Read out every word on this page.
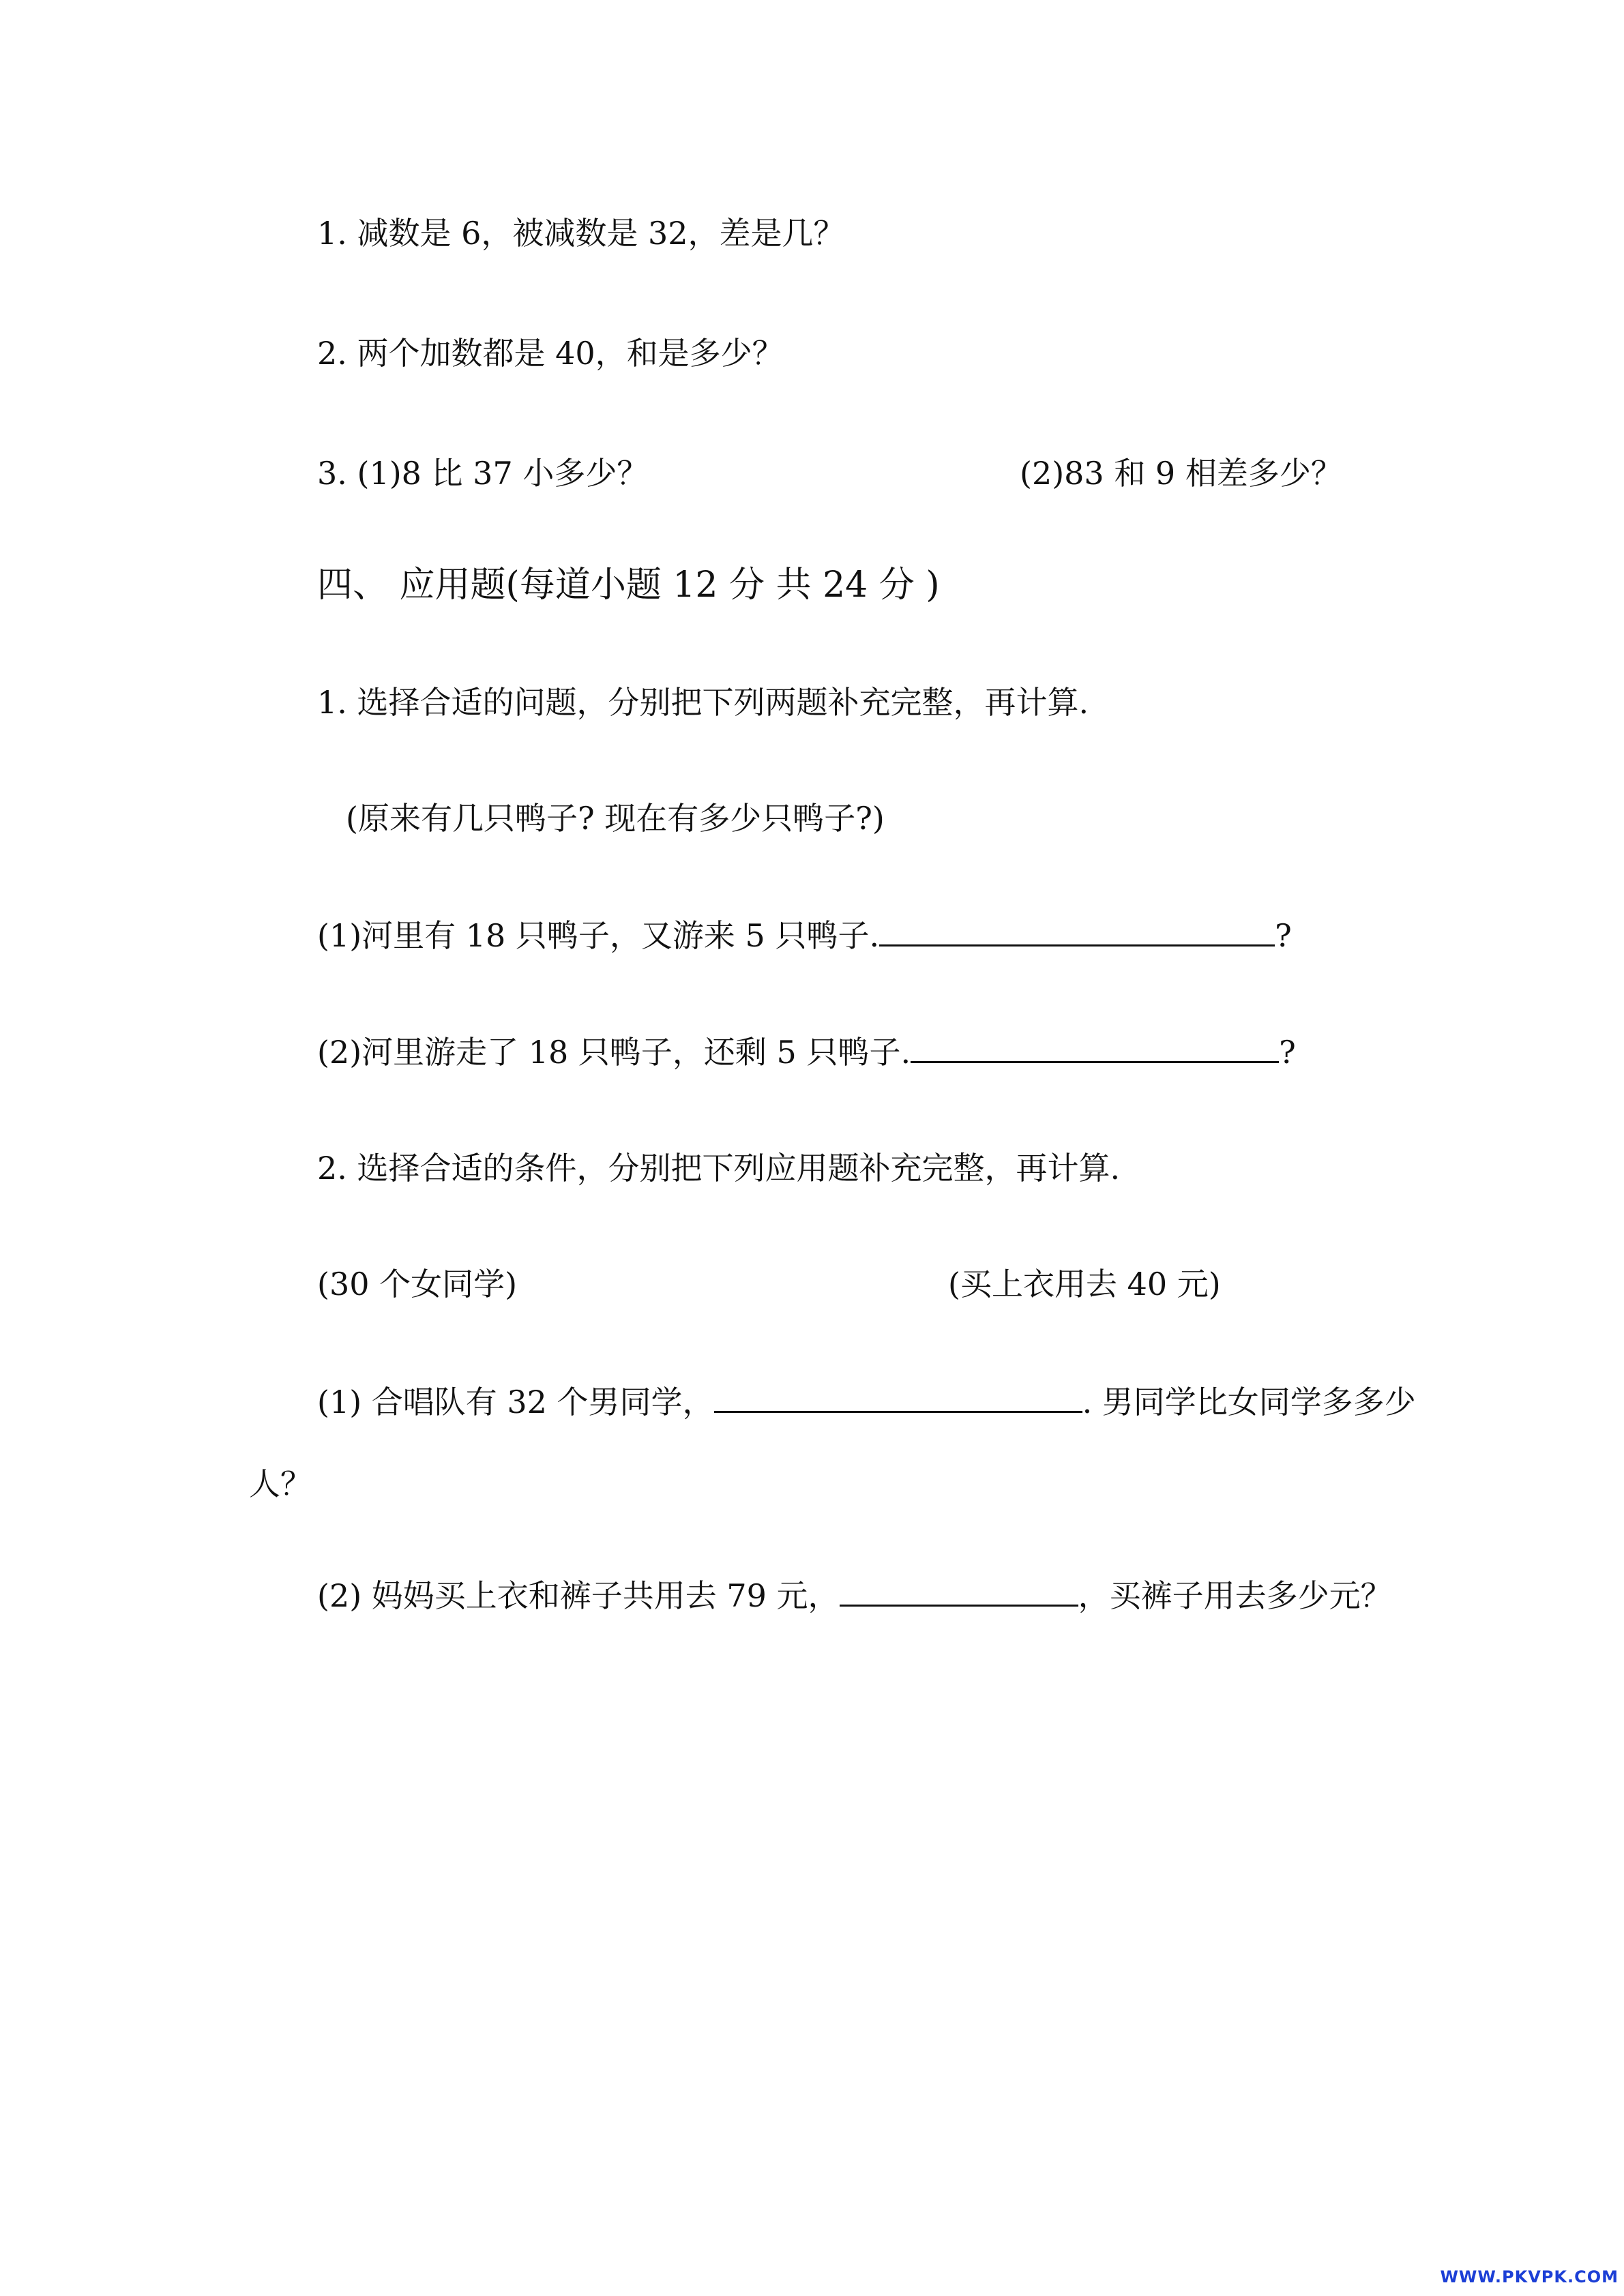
1. 减数是 6，被减数是 32，差是几？
2. 两个加数都是 40，和是多少？
3. (1)8 比 37 小多少？	(2)83 和 9 相差多少？
四、 应用题(每道小题 12 分 共 24 分 )
1. 选择合适的问题，分别把下列两题补充完整，再计算.
(原来有几只鸭子? 现在有多少只鸭子?)
(1)河里有 18 只鸭子，又游来 5 只鸭子.	?
(2)河里游走了 18 只鸭子，还剩 5 只鸭子.	?
2. 选择合适的条件，分别把下列应用题补充完整，再计算.
(30 个女同学)	(买上衣用去 40 元)
(1) 合唱队有 32 个男同学，	. 男同学比女同学多多少
人？
(2) 妈妈买上衣和裤子共用去 79 元，	，买裤子用去多少元？
WWW.PKVPK.COM
